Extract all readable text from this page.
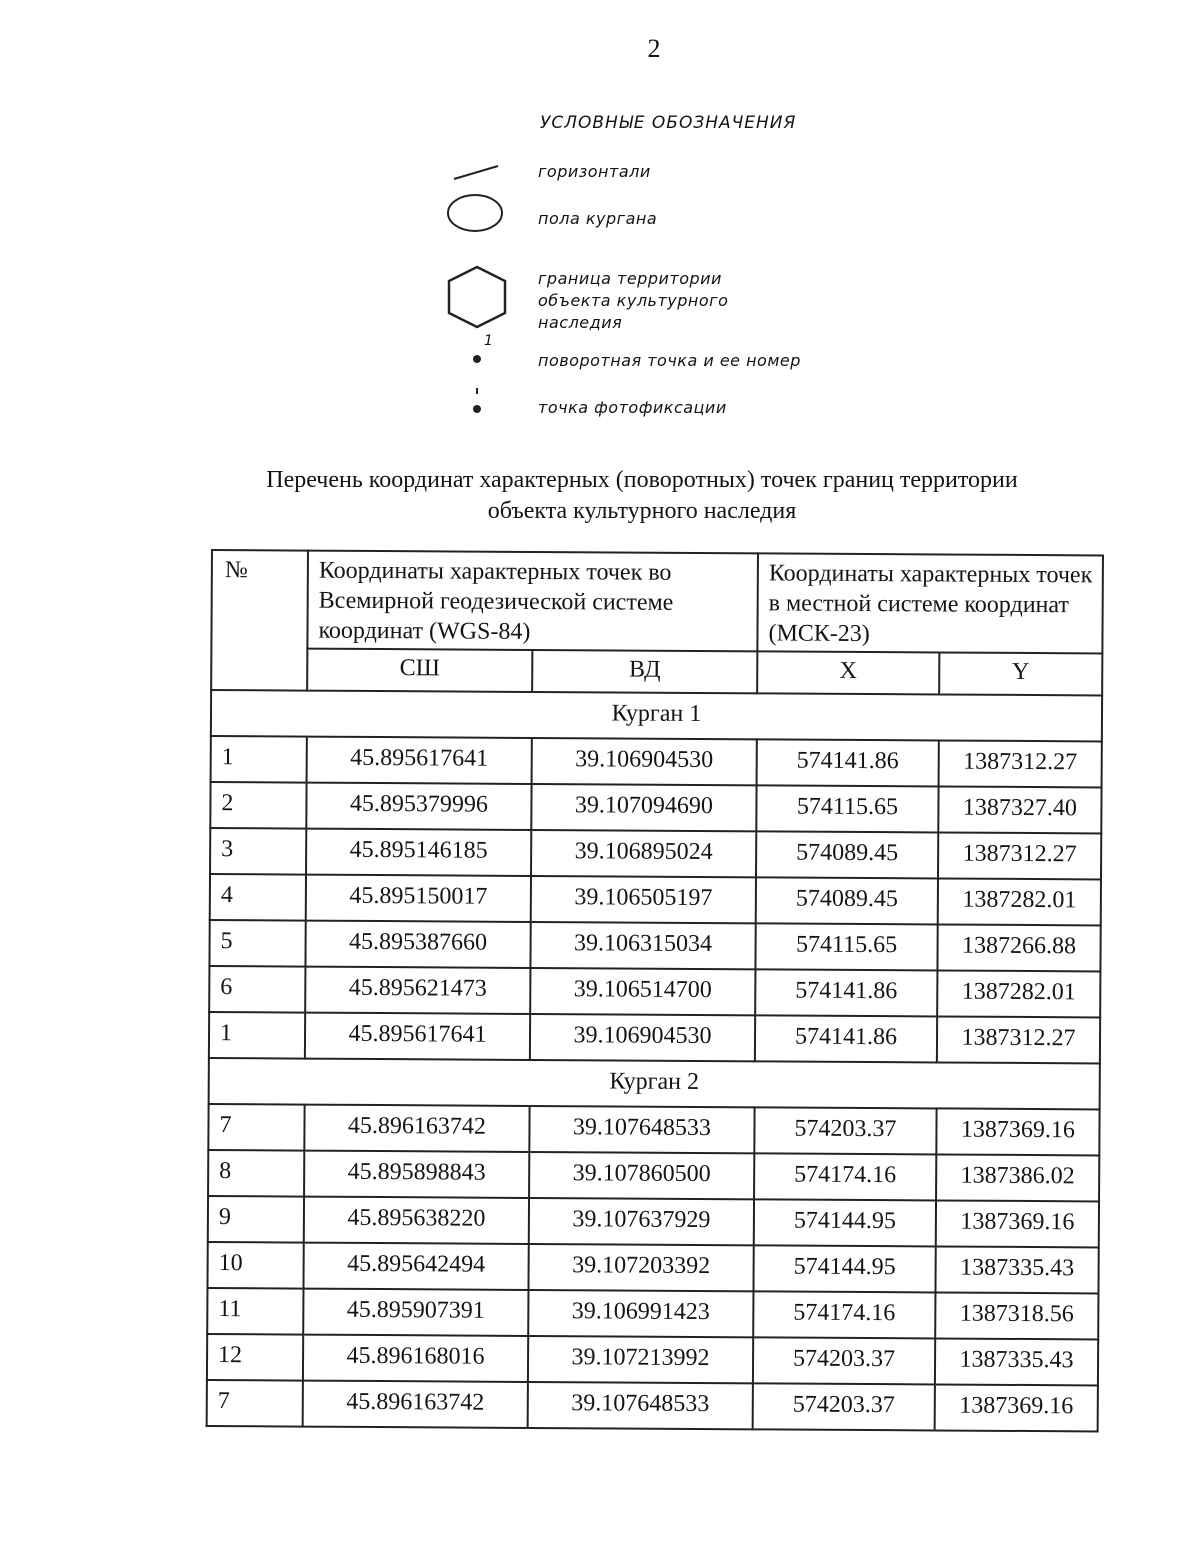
2
УСЛОВНЫЕ ОБОЗНАЧЕНИЯ
горизонтали
пола кургана
граница территории объекта культурного наследия
1
поворотная точка и ее номер
точка фотофиксации
Перечень координат характерных (поворотных) точек границ территории
объекта культурного наследия
№	Координаты характерных точек во Всемирной геодезической системе координат (WGS-84)		Координаты характерных точек в местной системе координат (МСК-23)	
	СШ	ВД	X	Y
Курган 1				
1	45.895617641	39.106904530	574141.86	1387312.27
2	45.895379996	39.107094690	574115.65	1387327.40
3	45.895146185	39.106895024	574089.45	1387312.27
4	45.895150017	39.106505197	574089.45	1387282.01
5	45.895387660	39.106315034	574115.65	1387266.88
6	45.895621473	39.106514700	574141.86	1387282.01
1	45.895617641	39.106904530	574141.86	1387312.27
Курган 2				
7	45.896163742	39.107648533	574203.37	1387369.16
8	45.895898843	39.107860500	574174.16	1387386.02
9	45.895638220	39.107637929	574144.95	1387369.16
10	45.895642494	39.107203392	574144.95	1387335.43
11	45.895907391	39.106991423	574174.16	1387318.56
12	45.896168016	39.107213992	574203.37	1387335.43
7	45.896163742	39.107648533	574203.37	1387369.16
